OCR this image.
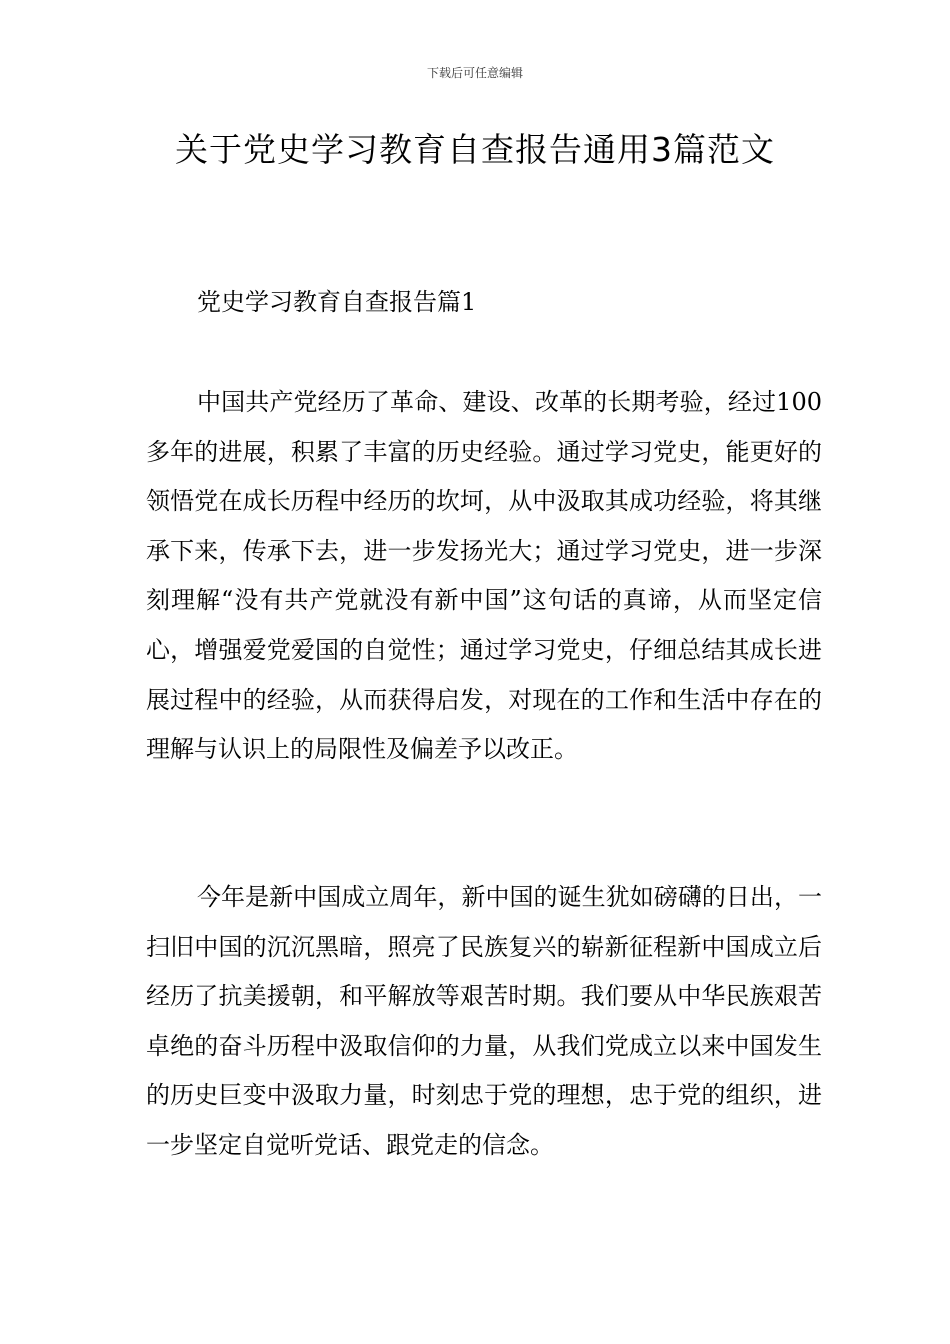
下载后可任意编辑
关于党史学习教育自查报告通用3篇范文
党史学习教育自查报告篇1

中国共产党经历了革命、建设、改革的长期考验，经过100多年的进展，积累了丰富的历史经验。通过学习党史，能更好的领悟党在成长历程中经历的坎坷，从中汲取其成功经验，将其继承下来，传承下去，进一步发扬光大；通过学习党史，进一步深刻理解“没有共产党就没有新中国”这句话的真谛，从而坚定信心，增强爱党爱国的自觉性；通过学习党史，仔细总结其成长进展过程中的经验，从而获得启发，对现在的工作和生活中存在的理解与认识上的局限性及偏差予以改正。

今年是新中国成立周年，新中国的诞生犹如磅礴的日出，一扫旧中国的沉沉黑暗，照亮了民族复兴的崭新征程新中国成立后经历了抗美援朝，和平解放等艰苦时期。我们要从中华民族艰苦卓绝的奋斗历程中汲取信仰的力量，从我们党成立以来中国发生的历史巨变中汲取力量，时刻忠于党的理想，忠于党的组织，进一步坚定自觉听党话、跟党走的信念。
